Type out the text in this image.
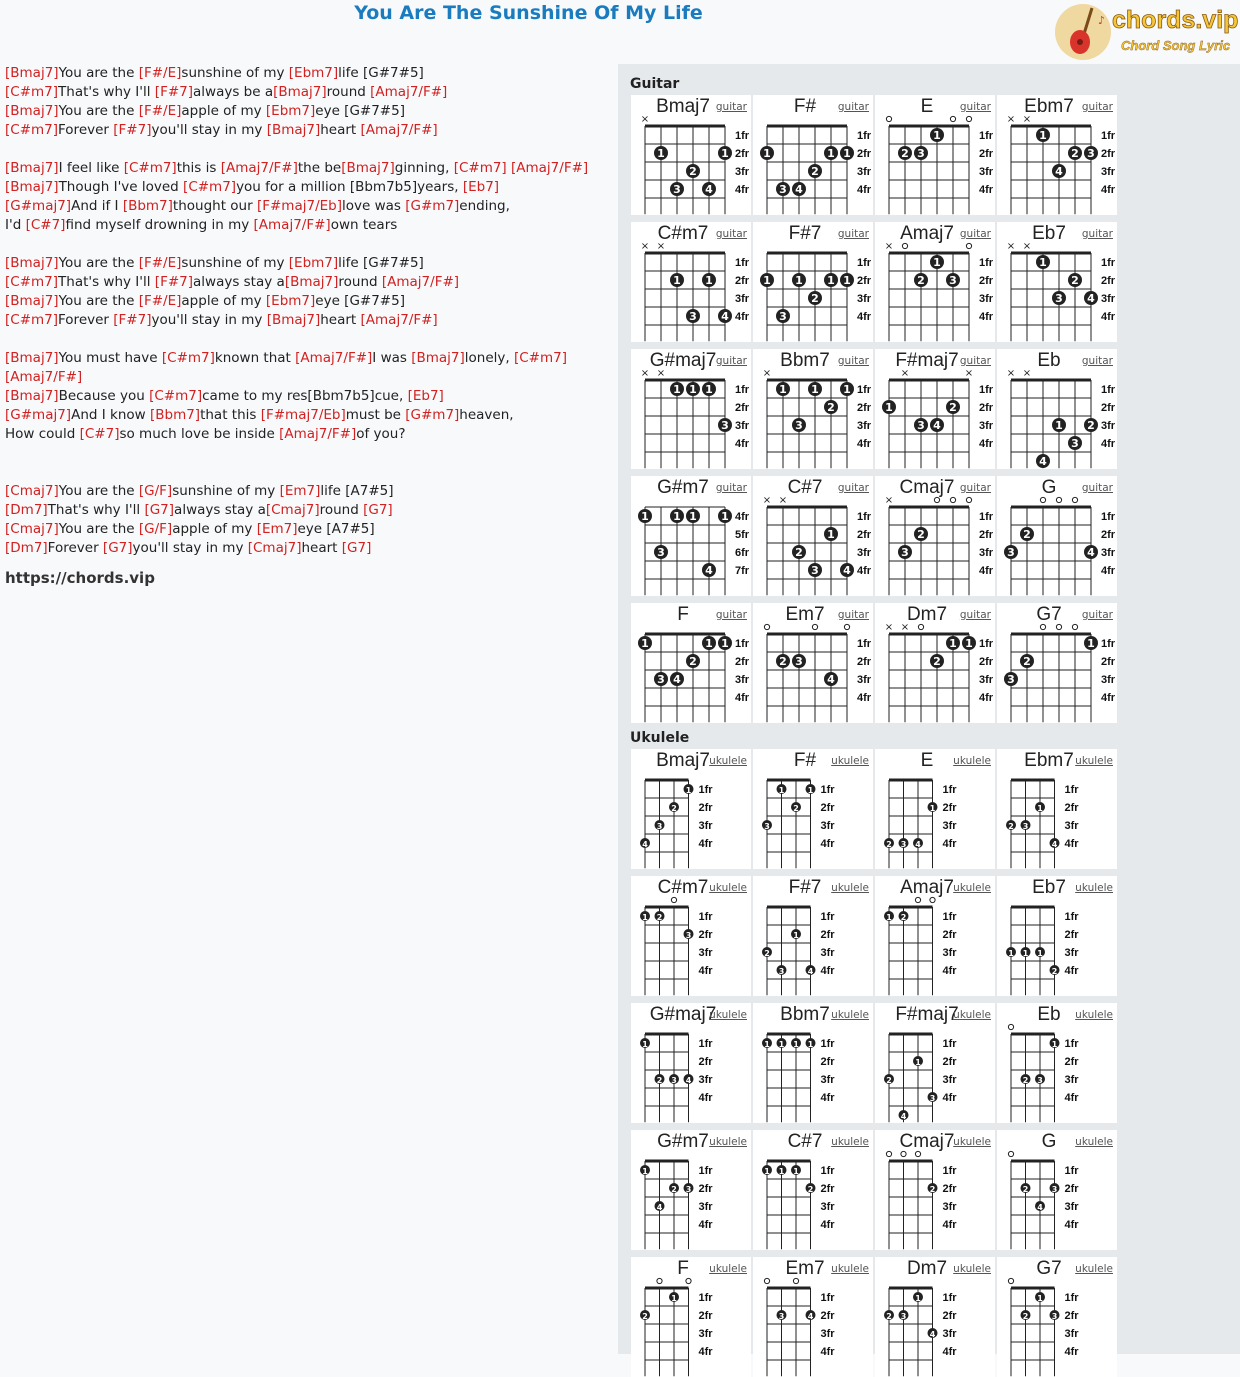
You Are The Sunshine Of My Life	♪ chords.vip
Chord Song Lyric
[Bmaj7]You are the [F#/E]sunshine of my [Ebm7]life [G#7#5]
[C#m7]That's why I'll [F#7]always be a[Bmaj7]round [Amaj7/F#]
[Bmaj7]You are the [F#/E]apple of my [Ebm7]eye [G#7#5]
[C#m7]Forever [F#7]you'll stay in my [Bmaj7]heart [Amaj7/F#]
[Bmaj7]I feel like [C#m7]this is [Amaj7/F#]the be[Bmaj7]ginning, [C#m7] [Amaj7/F#]
[Bmaj7]Though I've loved [C#m7]you for a million [Bbm7b5]years, [Eb7]
[G#maj7]And if I [Bbm7]thought our [F#maj7/Eb]love was [G#m7]ending,
I'd [C#7]find myself drowning in my [Amaj7/F#]own tears
[Bmaj7]You are the [F#/E]sunshine of my [Ebm7]life [G#7#5]
[C#m7]That's why I'll [F#7]always stay a[Bmaj7]round [Amaj7/F#]
[Bmaj7]You are the [F#/E]apple of my [Ebm7]eye [G#7#5]
[C#m7]Forever [F#7]you'll stay in my [Bmaj7]heart [Amaj7/F#]
[Bmaj7]You must have [C#m7]known that [Amaj7/F#]I was [Bmaj7]lonely, [C#m7]
[Amaj7/F#]
[Bmaj7]Because you [C#m7]came to my res[Bbm7b5]cue, [Eb7]
[G#maj7]And I know [Bbm7]that this [F#maj7/Eb]must be [G#m7]heaven,
How could [C#7]so much love be inside [Amaj7/F#]of you?
[Cmaj7]You are the [G/F]sunshine of my [Em7]life [A7#5]
[Dm7]That's why I'll [G7]always stay a[Cmaj7]round [G7]
[Cmaj7]You are the [G/F]apple of my [Em7]eye [A7#5]
[Dm7]Forever [G7]you'll stay in my [Cmaj7]heart [G7]
https://chords.vip
Guitar
Bmaj7 guitar
1fr
2fr
3fr
4fr
×
1
3
2
4
1
F#	guitar
1fr
2fr
3fr
4fr
1
3 4
2
1 1
E	guitar
1fr
2fr
3fr
4fr
2 3
1
Ebm7 guitar
1fr
2fr
3fr
4fr
× ×
1
4
2 3
C#m7 guitar
1fr
2fr
3fr
4fr
× ×
1
3
1
4
F#7	guitar
1fr
2fr
3fr
4fr
1
3
1
2
1 1
Amaj7 guitar
1fr
2fr
3fr
4fr
×
2
1
3
Eb7	guitar
1fr
2fr
3fr
4fr
× ×
1
3
2
4
G#maj7 guitar
1fr
2fr
3fr
4fr
× ×
1 1 1
3
Bbm7 guitar
1fr
2fr
3fr
4fr
×
1
3
1
2
1
F#maj7 guitar
1fr
2fr
3fr
4fr
1
×
3 4
2
×
Eb	guitar
1fr
2fr
3fr
4fr
× ×
4
1
3
2
G#m7 guitar
4fr
5fr
6fr
7fr
1
3
1 1
4
1
C#7	guitar
1fr
2fr
3fr
4fr
× ×
2
3
1
4
Cmaj7 guitar
1fr
2fr
3fr
4fr
×
3
2
G	guitar
1fr
2fr
3fr
4fr
3
2
4
F	guitar
1fr
2fr
3fr
4fr
1
3 4
2
1 1
Em7	guitar
1fr
2fr
3fr
4fr
2 3
4
Dm7	guitar
1fr
2fr
3fr
4fr
× ×
2
1 1
G7	guitar
1fr
2fr
3fr
4fr
3
2
1
Ukulele
Bmaj7 ukulele
1fr
2fr
3fr
4fr
4
3
2
1
F#	ukulele
1fr
2fr
3fr
4fr
3
1
2
1
E	ukulele
1fr
2fr
3fr
4fr
2 3 4
1
Ebm7 ukulele
1fr
2fr
3fr
4fr
2 3
1
4
C#m7 ukulele
1fr
2fr
3fr
4fr
1 2
3
F#7 ukulele
1fr
2fr
3fr
4fr
2
3
1
4
Amaj7 ukulele
1fr
2fr
3fr
4fr
1 2
Eb7 ukulele
1fr
2fr
3fr
4fr
1 1 1
2
G#maj7
ukulele
1fr
2fr
3fr
4fr
1
2 3 4
Bbm7 ukulele
1fr
2fr
3fr
4fr
1 1 1 1
F#maj7
ukulele
1fr
2fr
3fr
4fr
2
4
1
3
Eb	ukulele
1fr
2fr
3fr
4fr
2 3
1
G#m7 ukulele
1fr
2fr
3fr
4fr
1
4
2 3
C#7 ukulele
1fr
2fr
3fr
4fr
1 1 1
2
Cmaj7
ukulele
1fr
2fr
3fr
4fr
2
G	ukulele
1fr
2fr
3fr
4fr
2
4
3
F	ukulele
1fr
2fr
3fr
4fr
2
1
Em7 ukulele
1fr
2fr
3fr
4fr
3	4
Dm7 ukulele
1fr
2fr
3fr
4fr
2 3
1
4
G7	ukulele
1fr
2fr
3fr
4fr
2
1
3
